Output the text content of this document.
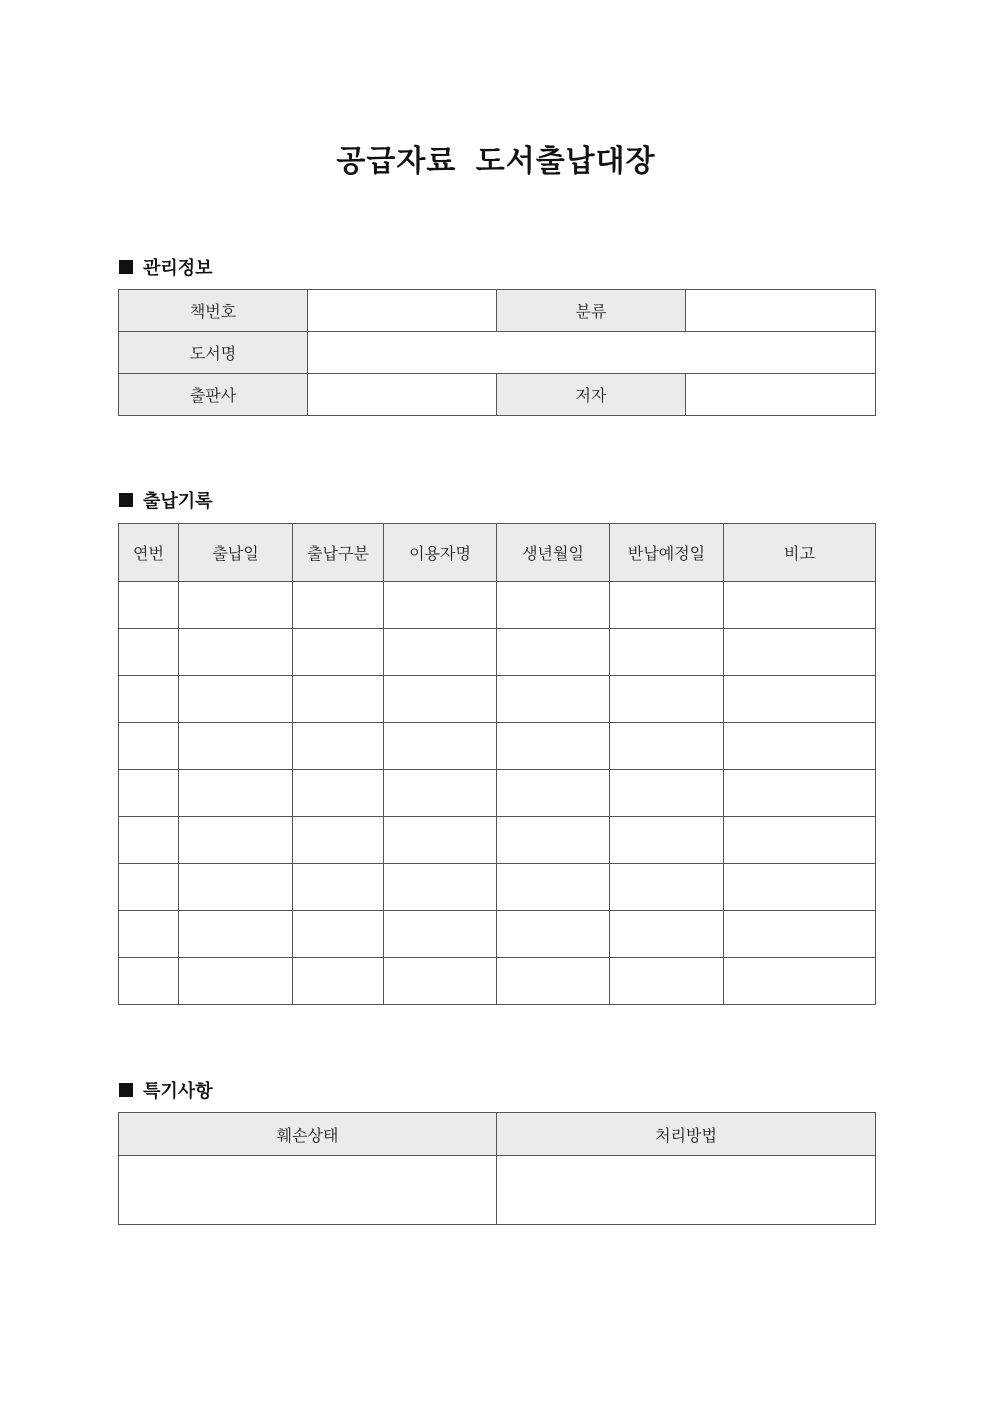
공급자료 도서출납대장
관리정보
책번호		분류	
도서명			
출판사		저자	
출납기록
연번	출납일	출납구분	이용자명	생년월일	반납예정일	비고

특기사항
훼손상태	처리방법
